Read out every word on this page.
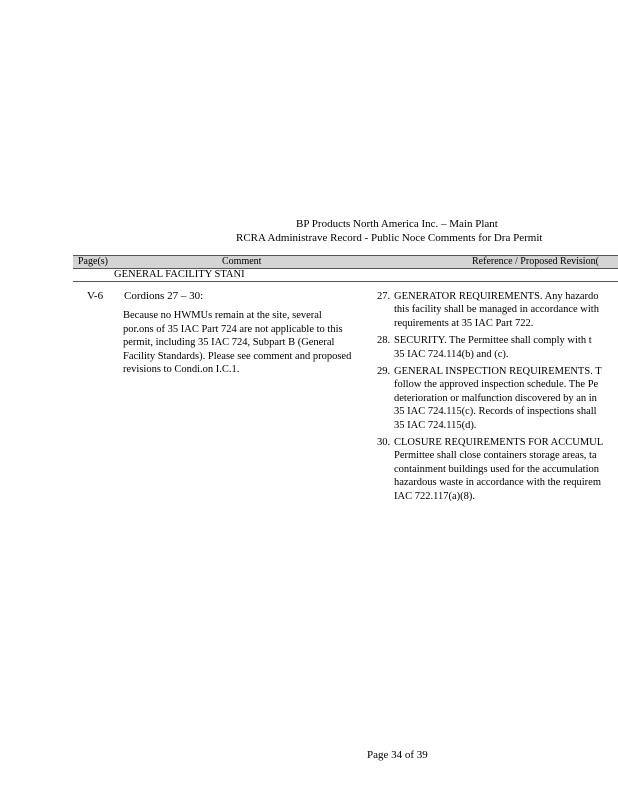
BP Products North America Inc. – Main Plant
RCRA Administrave Record - Public Noce Comments for Dra Permit
Page(s)	Comment	Reference / Proposed Revision(
GENERAL FACILITY STANI
V-6 Cordions 27 – 30:
Because no HWMUs remain at the site, several
por.ons of 35 IAC Part 724 are not applicable to this
permit, including 35 IAC 724, Subpart B (General
Facility Standards). Please see comment and proposed
revisions to Condi.on I.C.1.
27. GENERATOR REQUIREMENTS. Any hazardo
this facility shall be managed in accordance with
requirements at 35 IAC Part 722.
28. SECURITY. The Permittee shall comply with t
35 IAC 724.114(b) and (c).
29. GENERAL INSPECTION REQUIREMENTS. T
follow the approved inspection schedule. The Pe
deterioration or malfunction discovered by an in
35 IAC 724.115(c). Records of inspections shall
35 IAC 724.115(d).
30. CLOSURE REQUIREMENTS FOR ACCUMUL
Permittee shall close containers storage areas, ta
containment buildings used for the accumulation
hazardous waste in accordance with the requirem
IAC 722.117(a)(8).
Page 34 of 39
